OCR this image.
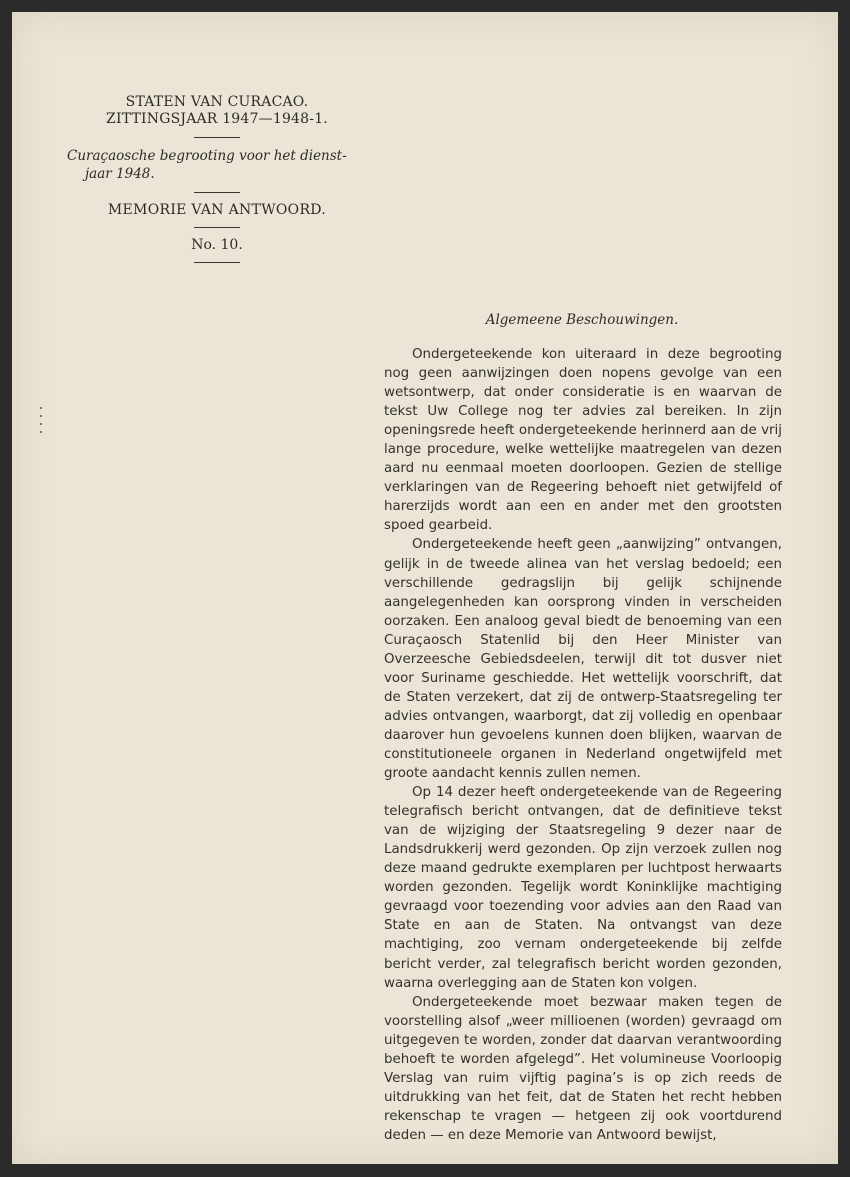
STATEN VAN CURACAO.
ZITTINGSJAAR 1947—1948-1.
Curaçaosche begrooting voor het dienst-
jaar 1948.
MEMORIE VAN ANTWOORD.
No. 10.
Algemeene Beschouwingen.

Ondergeteekende kon uiteraard in deze begrooting nog geen aanwijzingen doen nopens gevolge van een wetsontwerp, dat onder consideratie is en waarvan de tekst Uw College nog ter advies zal bereiken. In zijn openingsrede heeft ondergeteekende herinnerd aan de vrij lange procedure, welke wettelijke maatregelen van dezen aard nu eenmaal moeten doorloopen. Gezien de stellige verklaringen van de Regeering behoeft niet getwijfeld of harerzijds wordt aan een en ander met den grootsten spoed gearbeid.

Ondergeteekende heeft geen „aanwijzing” ontvangen, gelijk in de tweede alinea van het verslag bedoeld; een verschillende gedragslijn bij gelijk schijnende aangelegenheden kan oorsprong vinden in verscheiden oorzaken. Een analoog geval biedt de benoeming van een Curaçaosch Statenlid bij den Heer Minister van Overzeesche Gebiedsdeelen, terwijl dit tot dusver niet voor Suriname geschiedde. Het wettelijk voorschrift, dat de Staten verzekert, dat zij de ontwerp-Staatsregeling ter advies ontvangen, waarborgt, dat zij volledig en openbaar daarover hun gevoelens kunnen doen blijken, waarvan de constitutioneele organen in Nederland ongetwijfeld met groote aandacht kennis zullen nemen.

Op 14 dezer heeft ondergeteekende van de Regeering telegrafisch bericht ontvangen, dat de definitieve tekst van de wijziging der Staatsregeling 9 dezer naar de Landsdrukkerij werd gezonden. Op zijn verzoek zullen nog deze maand gedrukte exemplaren per luchtpost herwaarts worden gezonden. Tegelijk wordt Koninklijke machtiging gevraagd voor toezending voor advies aan den Raad van State en aan de Staten. Na ontvangst van deze machtiging, zoo vernam ondergeteekende bij zelfde bericht verder, zal telegrafisch bericht worden gezonden, waarna overlegging aan de Staten kon volgen.

Ondergeteekende moet bezwaar maken tegen de voorstelling alsof „weer millioenen (worden) gevraagd om uitgegeven te worden, zonder dat daarvan verantwoording behoeft te worden afgelegd”. Het volumineuse Voorloopig Verslag van ruim vijftig pagina’s is op zich reeds de uitdrukking van het feit, dat de Staten het recht hebben rekenschap te vragen — hetgeen zij ook voortdurend deden — en deze Memorie van Antwoord bewijst,
